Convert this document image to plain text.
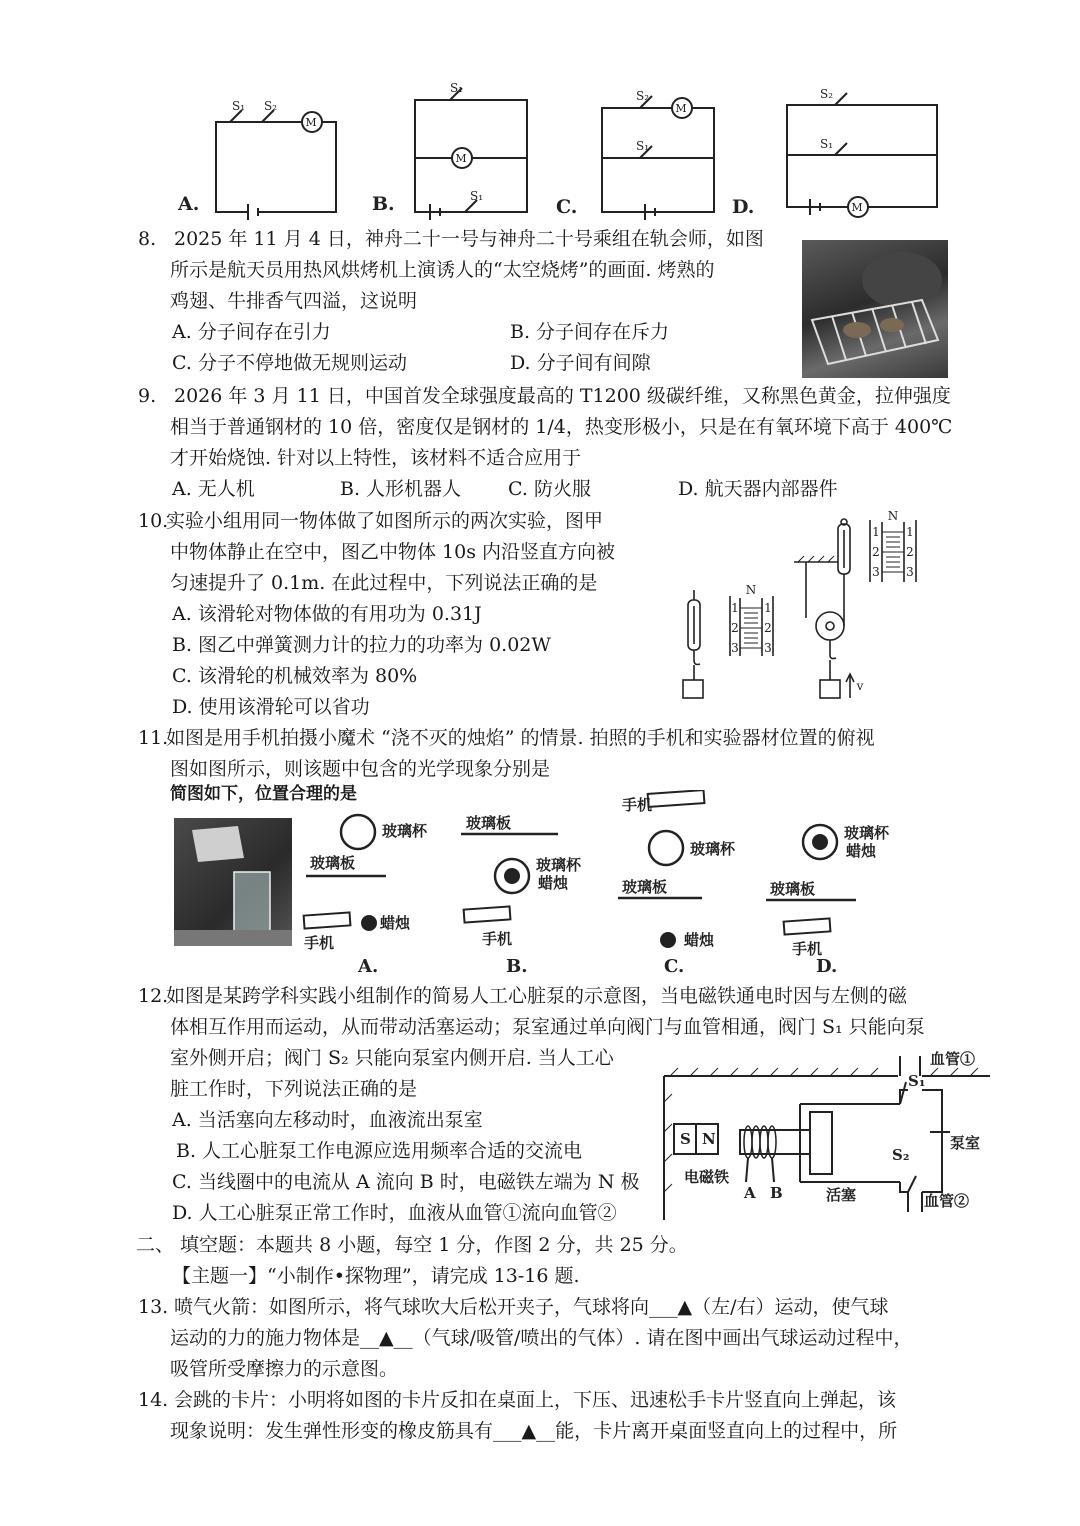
M
M
M
M
S₁ S₂
S₁
S₁
S₂
S₁
S₂
S₁
A.	B.	C.	D.
8. 2025 年 11 月 4 日，神舟二十一号与神舟二十号乘组在轨会师，如图
所示是航天员用热风烘烤机上演诱人的“太空烧烤”的画面. 烤熟的
鸡翅、牛排香气四溢，这说明
A. 分子间存在引力	B. 分子间存在斥力
C. 分子不停地做无规则运动	D. 分子间有间隙
9. 2026 年 3 月 11 日，中国首发全球强度最高的 T1200 级碳纤维，又称黑色黄金，拉伸强度
相当于普通钢材的 10 倍，密度仅是钢材的 1/4，热变形极小，只是在有氧环境下高于 400℃
才开始烧蚀. 针对以上特性，该材料不适合应用于
A. 无人机	B. 人形机器人 C. 防火服	D. 航天器内部器件
10.
实验小组用同一物体做了如图所示的两次实验，图甲
中物体静止在空中，图乙中物体 10s 内沿竖直方向被
匀速提升了 0.1m. 在此过程中，下列说法正确的是
A. 该滑轮对物体做的有用功为 0.31J
B. 图乙中弹簧测力计的拉力的功率为 0.02W
C. 该滑轮的机械效率为 80%
D. 使用该滑轮可以省功
N
1
2
3
1
2
3
N
1
2
3
1
2
3
v
11.
如图是用手机拍摄小魔术 “浇不灭的烛焰” 的情景. 拍照的手机和实验器材位置的俯视
图如图所示，则该题中包含的光学现象分别是
简图如下，位置合理的是
玻璃杯
玻璃板
蜡烛
手机
玻璃板
玻璃杯
蜡烛
手机
手机
玻璃杯
玻璃板
蜡烛
玻璃杯
蜡烛
玻璃板
手机
A.	B.	C.	D.
12.
如图是某跨学科实践小组制作的简易人工心脏泵的示意图，当电磁铁通电时因与左侧的磁
体相互作用而运动，从而带动活塞运动；泵室通过单向阀门与血管相通，阀门 S₁ 只能向泵
室外侧开启；阀门 S₂ 只能向泵室内侧开启. 当人工心
脏工作时，下列说法正确的是
A. 当活塞向左移动时，血液流出泵室
B. 人工心脏泵工作电源应选用频率合适的交流电
C. 当线圈中的电流从 A 流向 B 时，电磁铁左端为 N 极
D. 人工心脏泵正常工作时，血液从血管①流向血管②
S N
电磁铁
A B	活塞
S₁
S₂
血管①
泵室
血管②
二、 填空题：本题共 8 小题，每空 1 分，作图 2 分，共 25 分。
【主题一】“小制作•探物理”，请完成 13-16 题.
13. 喷气火箭：如图所示，将气球吹大后松开夹子，气球将向___▲（左/右）运动，使气球
运动的力的施力物体是__▲__（气球/吸管/喷出的气体）. 请在图中画出气球运动过程中，
吸管所受摩擦力的示意图。
14. 会跳的卡片：小明将如图的卡片反扣在桌面上，下压、迅速松手卡片竖直向上弹起，该
现象说明：发生弹性形变的橡皮筋具有___▲__能，卡片离开桌面竖直向上的过程中，所
